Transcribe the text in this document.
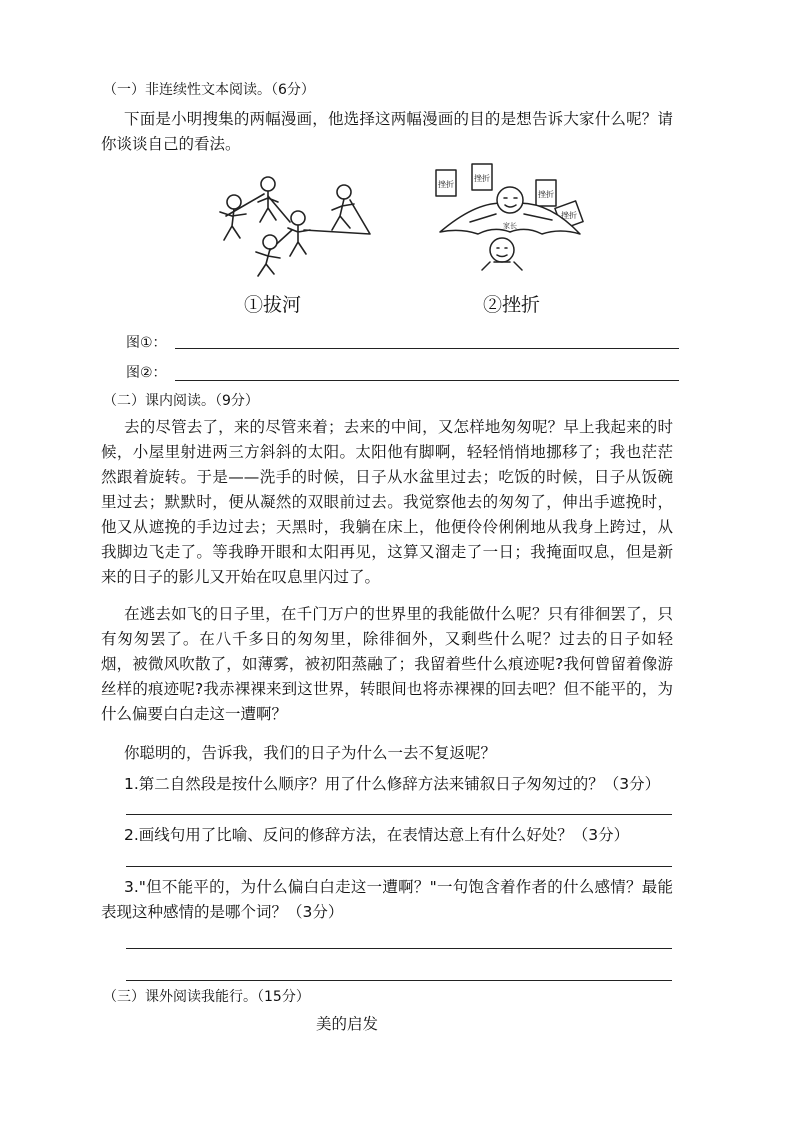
（一）非连续性文本阅读。（6分）
下面是小明搜集的两幅漫画，他选择这两幅漫画的目的是想告诉大家什么呢？请你谈谈自己的看法。
挫折
挫折
挫折
挫折
家长
①拔河	②挫折
图①：
图②：
（二）课内阅读。（9分）
去的尽管去了，来的尽管来着；去来的中间，又怎样地匆匆呢？早上我起来的时候，小屋里射进两三方斜斜的太阳。太阳他有脚啊，轻轻悄悄地挪移了；我也茫茫然跟着旋转。于是——洗手的时候，日子从水盆里过去；吃饭的时候，日子从饭碗里过去；默默时，便从凝然的双眼前过去。我觉察他去的匆匆了，伸出手遮挽时，他又从遮挽的手边过去；天黑时，我躺在床上，他便伶伶俐俐地从我身上跨过，从我脚边飞走了。等我睁开眼和太阳再见，这算又溜走了一日；我掩面叹息，但是新来的日子的影儿又开始在叹息里闪过了。
在逃去如飞的日子里，在千门万户的世界里的我能做什么呢？只有徘徊罢了，只有匆匆罢了。在八千多日的匆匆里，除徘徊外，又剩些什么呢？过去的日子如轻烟，被微风吹散了，如薄雾，被初阳蒸融了；我留着些什么痕迹呢?我何曾留着像游丝样的痕迹呢?我赤裸裸来到这世界，转眼间也将赤裸裸的回去吧？但不能平的，为什么偏要白白走这一遭啊？
你聪明的，告诉我，我们的日子为什么一去不复返呢？
1.第二自然段是按什么顺序？用了什么修辞方法来铺叙日子匆匆过的？（3分）
2.画线句用了比喻、反问的修辞方法，在表情达意上有什么好处？（3分）
3."但不能平的，为什么偏白白走这一遭啊？"一句饱含着作者的什么感情？最能表现这种感情的是哪个词？（3分）
（三）课外阅读我能行。（15分）
美的启发
